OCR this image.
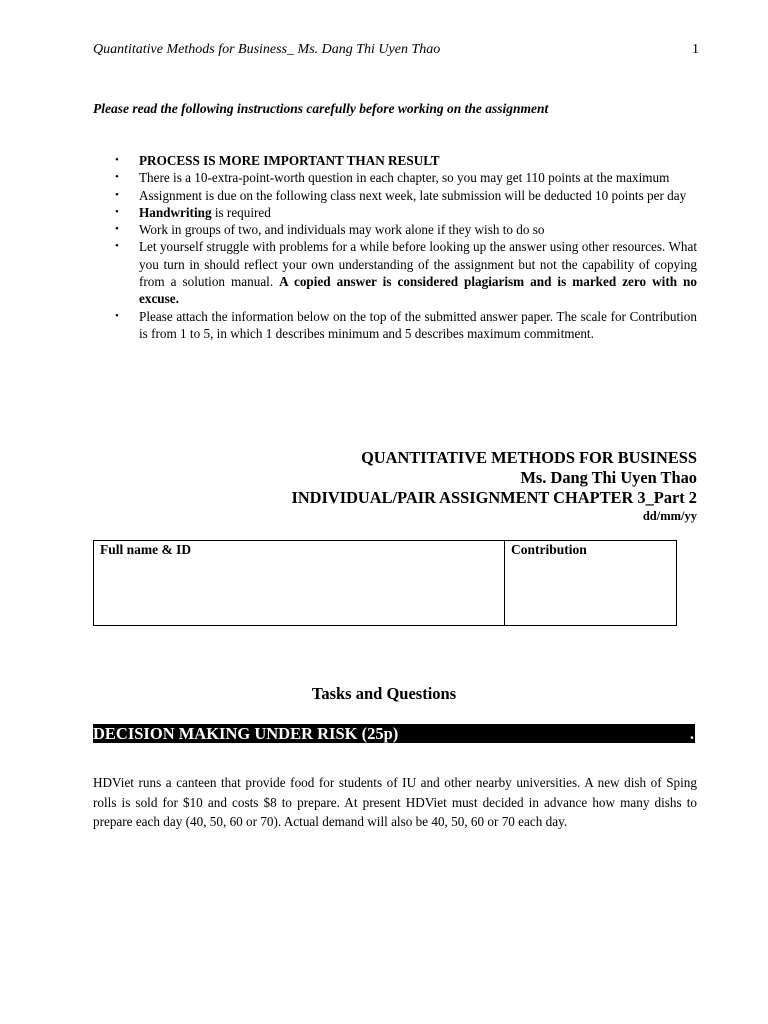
Quantitative Methods for Business_ Ms. Dang Thi Uyen Thao	1
Please read the following instructions carefully before working on the assignment
• PROCESS IS MORE IMPORTANT THAN RESULT
• There is a 10-extra-point-worth question in each chapter, so you may get 110 points at the maximum
• Assignment is due on the following class next week, late submission will be deducted 10 points per day
• Handwriting is required
• Work in groups of two, and individuals may work alone if they wish to do so
• Let yourself struggle with problems for a while before looking up the answer using other resources. What you turn in should reflect your own understanding of the assignment but not the capability of copying from a solution manual. A copied answer is considered plagiarism and is marked zero with no excuse.
• Please attach the information below on the top of the submitted answer paper. The scale for Contribution is from 1 to 5, in which 1 describes minimum and 5 describes maximum commitment.
QUANTITATIVE METHODS FOR BUSINESS
Ms. Dang Thi Uyen Thao
INDIVIDUAL/PAIR ASSIGNMENT CHAPTER 3_Part 2
dd/mm/yy
Full name & ID	Contribution
Tasks and Questions
DECISION MAKING UNDER RISK (25p)	.

HDViet runs a canteen that provide food for students of IU and other nearby universities. A new dish of Sping rolls is sold for $10 and costs $8 to prepare. At present HDViet must decided in advance how many dishs to prepare each day (40, 50, 60 or 70). Actual demand will also be 40, 50, 60 or 70 each day.
